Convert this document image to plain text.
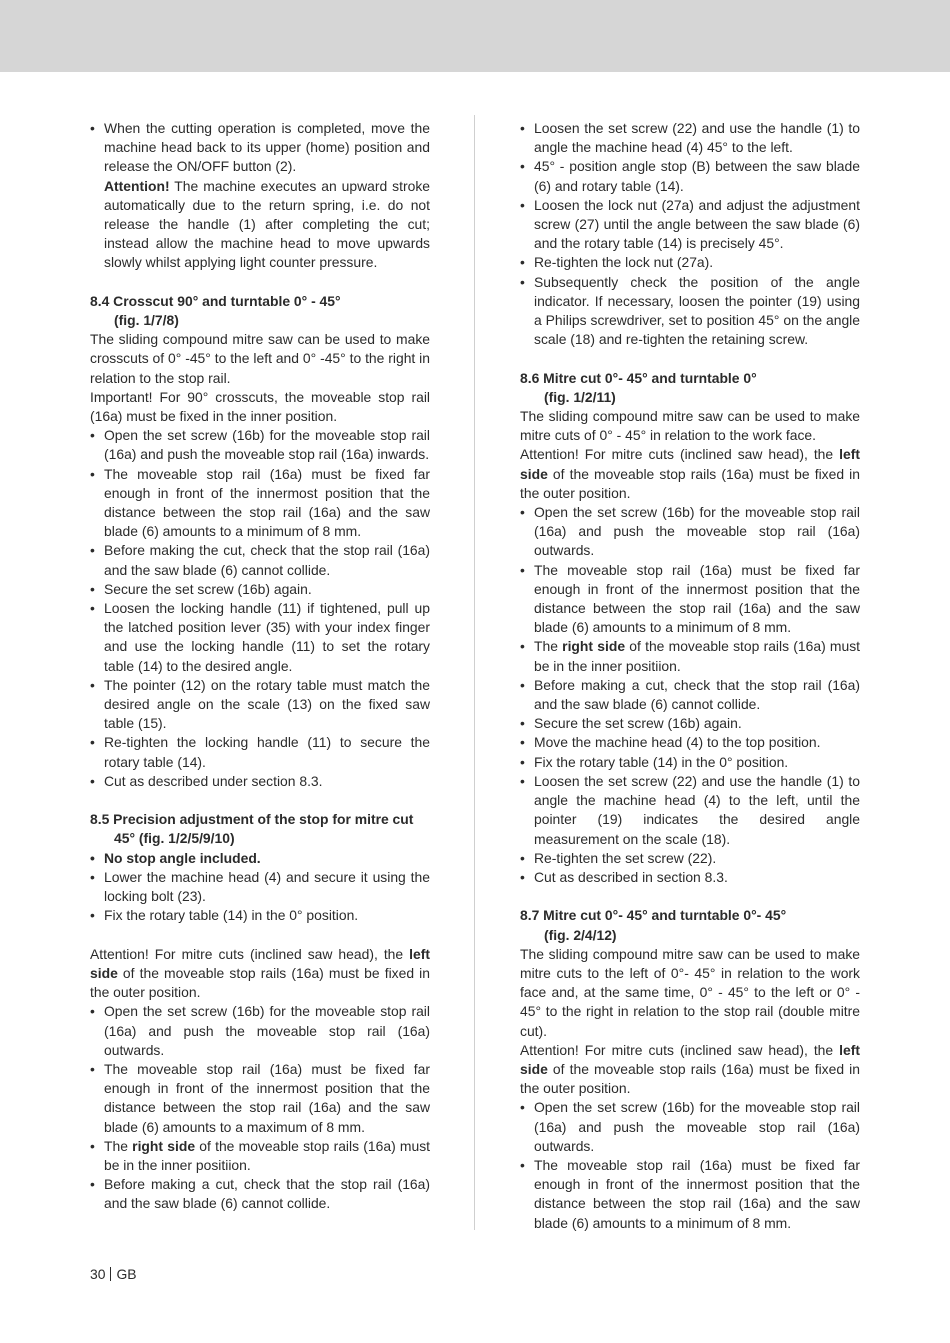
• When the cutting operation is completed, move the machine head back to its upper (home) position and release the ON/OFF button (2).
Attention! The machine executes an upward stroke automatically due to the return spring, i.e. do not release the handle (1) after completing the cut; instead allow the machine head to move upwards slowly whilst applying light counter pressure.
8.4 Crosscut 90° and turntable 0° - 45°
(fig. 1/7/8)

The sliding compound mitre saw can be used to make crosscuts of 0° -45° to the left and 0° -45° to the right in relation to the stop rail.

Important! For 90° crosscuts, the moveable stop rail (16a) must be fixed in the inner position.

• Open the set screw (16b) for the moveable stop rail (16a) and push the moveable stop rail (16a) inwards.
• The moveable stop rail (16a) must be fixed far enough in front of the innermost position that the distance between the stop rail (16a) and the saw blade (6) amounts to a minimum of 8 mm.
• Before making the cut, check that the stop rail (16a) and the saw blade (6) cannot collide.
• Secure the set screw (16b) again.
• Loosen the locking handle (11) if tightened, pull up the latched position lever (35) with your index finger and use the locking handle (11) to set the rotary table (14) to the desired angle.
• The pointer (12) on the rotary table must match the desired angle on the scale (13) on the fixed saw table (15).
• Re-tighten the locking handle (11) to secure the rotary table (14).
• Cut as described under section 8.3.
8.5 Precision adjustment of the stop for mitre cut
45° (fig. 1/2/5/9/10)
• No stop angle included.
• Lower the machine head (4) and secure it using the locking bolt (23).
• Fix the rotary table (14) in the 0° position.

Attention! For mitre cuts (inclined saw head), the left side of the moveable stop rails (16a) must be fixed in the outer position.

• Open the set screw (16b) for the moveable stop rail (16a) and push the moveable stop rail (16a) outwards.
• The moveable stop rail (16a) must be fixed far enough in front of the innermost position that the distance between the stop rail (16a) and the saw blade (6) amounts to a maximum of 8 mm.
• The right side of the moveable stop rails (16a) must be in the inner positiion.
• Before making a cut, check that the stop rail (16a) and the saw blade (6) cannot collide.
• Loosen the set screw (22) and use the handle (1) to angle the machine head (4) 45° to the left.
• 45° - position angle stop (B) between the saw blade (6) and rotary table (14).
• Loosen the lock nut (27a) and adjust the adjustment screw (27) until the angle between the saw blade (6) and the rotary table (14) is precisely 45°.
• Re-tighten the lock nut (27a).
• Subsequently check the position of the angle indicator. If necessary, loosen the pointer (19) using a Philips screwdriver, set to position 45° on the angle scale (18) and re-tighten the retaining screw.
8.6 Mitre cut 0°- 45° and turntable 0°
(fig. 1/2/11)

The sliding compound mitre saw can be used to make mitre cuts of 0° - 45° in relation to the work face.

Attention! For mitre cuts (inclined saw head), the left side of the moveable stop rails (16a) must be fixed in the outer position.

• Open the set screw (16b) for the moveable stop rail (16a) and push the moveable stop rail (16a) outwards.
• The moveable stop rail (16a) must be fixed far enough in front of the innermost position that the distance between the stop rail (16a) and the saw blade (6) amounts to a minimum of 8 mm.
• The right side of the moveable stop rails (16a) must be in the inner positiion.
• Before making a cut, check that the stop rail (16a) and the saw blade (6) cannot collide.
• Secure the set screw (16b) again.
• Move the machine head (4) to the top position.
• Fix the rotary table (14) in the 0° position.
• Loosen the set screw (22) and use the handle (1) to angle the machine head (4) to the left, until the pointer (19) indicates the desired angle measurement on the scale (18).
• Re-tighten the set screw (22).
• Cut as described in section 8.3.
8.7 Mitre cut 0°- 45° and turntable 0°- 45°
(fig. 2/4/12)

The sliding compound mitre saw can be used to make mitre cuts to the left of 0°- 45° in relation to the work face and, at the same time, 0° - 45° to the left or 0° - 45° to the right in relation to the stop rail (double mitre cut).

Attention! For mitre cuts (inclined saw head), the left side of the moveable stop rails (16a) must be fixed in the outer position.

• Open the set screw (16b) for the moveable stop rail (16a) and push the moveable stop rail (16a) outwards.
• The moveable stop rail (16a) must be fixed far enough in front of the innermost position that the distance between the stop rail (16a) and the saw blade (6) amounts to a minimum of 8 mm.
30 GB
